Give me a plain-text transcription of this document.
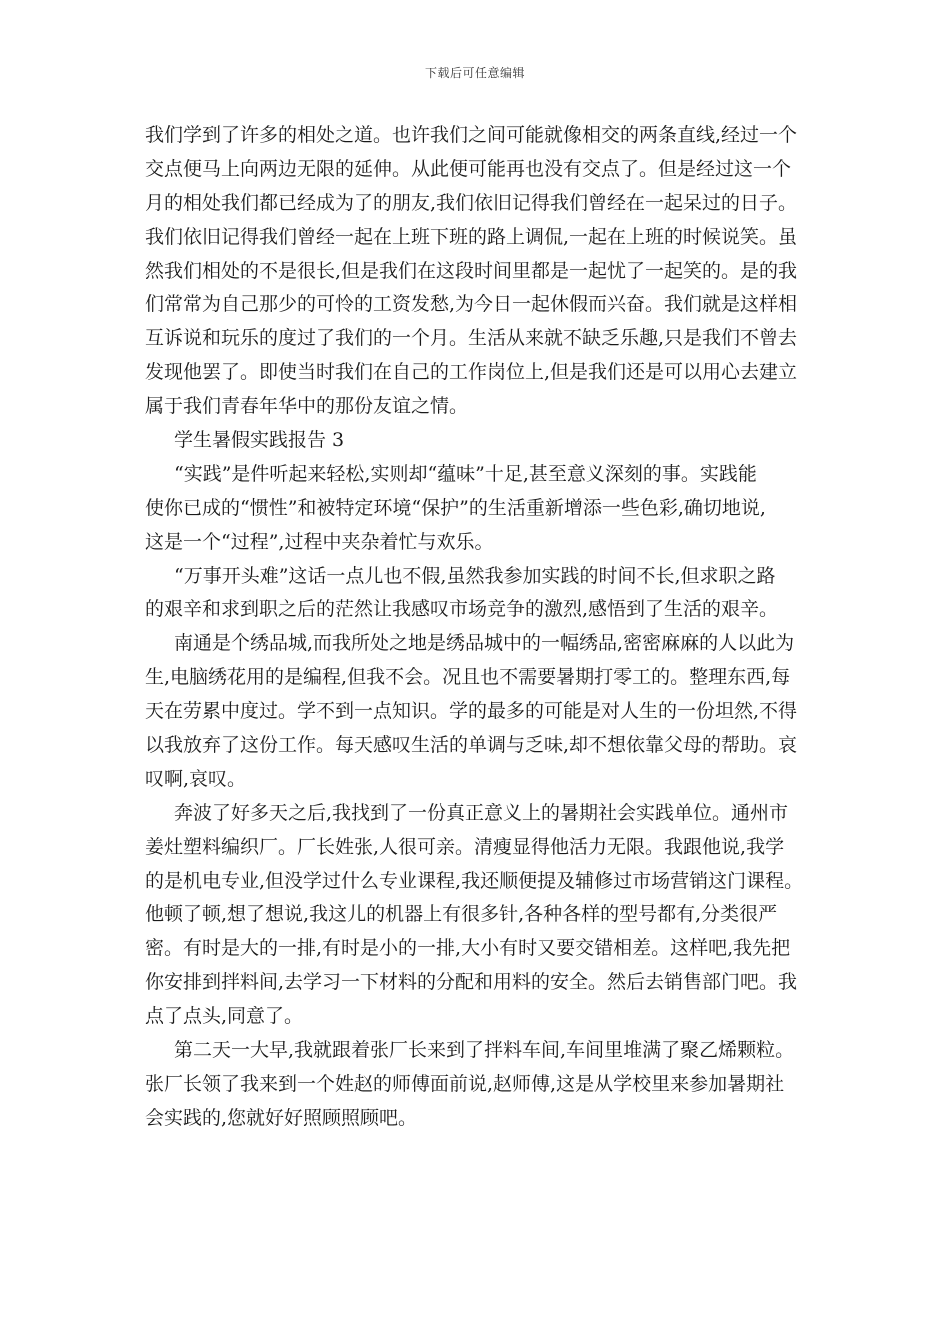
下载后可任意编辑
我们学到了许多的相处之道。也许我们之间可能就像相交的两条直线,经过一个
交点便马上向两边无限的延伸。从此便可能再也没有交点了。但是经过这一个
月的相处我们都已经成为了的朋友,我们依旧记得我们曾经在一起呆过的日子。
我们依旧记得我们曾经一起在上班下班的路上调侃,一起在上班的时候说笑。虽
然我们相处的不是很长,但是我们在这段时间里都是一起忧了一起笑的。是的我
们常常为自己那少的可怜的工资发愁,为今日一起休假而兴奋。我们就是这样相
互诉说和玩乐的度过了我们的一个月。生活从来就不缺乏乐趣,只是我们不曾去
发现他罢了。即使当时我们在自己的工作岗位上,但是我们还是可以用心去建立
属于我们青春年华中的那份友谊之情。
学生暑假实践报告 3
“实践”是件听起来轻松,实则却“蕴味”十足,甚至意义深刻的事。实践能
使你已成的“惯性”和被特定环境“保护”的生活重新增添一些色彩,确切地说,
这是一个“过程”,过程中夹杂着忙与欢乐。
“万事开头难”这话一点儿也不假,虽然我参加实践的时间不长,但求职之路
的艰辛和求到职之后的茫然让我感叹市场竞争的激烈,感悟到了生活的艰辛。
南通是个绣品城,而我所处之地是绣品城中的一幅绣品,密密麻麻的人以此为
生,电脑绣花用的是编程,但我不会。况且也不需要暑期打零工的。整理东西,每
天在劳累中度过。学不到一点知识。学的最多的可能是对人生的一份坦然,不得
以我放弃了这份工作。每天感叹生活的单调与乏味,却不想依靠父母的帮助。哀
叹啊,哀叹。
奔波了好多天之后,我找到了一份真正意义上的暑期社会实践单位。通州市
姜灶塑料编织厂。厂长姓张,人很可亲。清瘦显得他活力无限。我跟他说,我学
的是机电专业,但没学过什么专业课程,我还顺便提及辅修过市场营销这门课程。
他顿了顿,想了想说,我这儿的机器上有很多针,各种各样的型号都有,分类很严
密。有时是大的一排,有时是小的一排,大小有时又要交错相差。这样吧,我先把
你安排到拌料间,去学习一下材料的分配和用料的安全。然后去销售部门吧。我
点了点头,同意了。
第二天一大早,我就跟着张厂长来到了拌料车间,车间里堆满了聚乙烯颗粒。
张厂长领了我来到一个姓赵的师傅面前说,赵师傅,这是从学校里来参加暑期社
会实践的,您就好好照顾照顾吧。
